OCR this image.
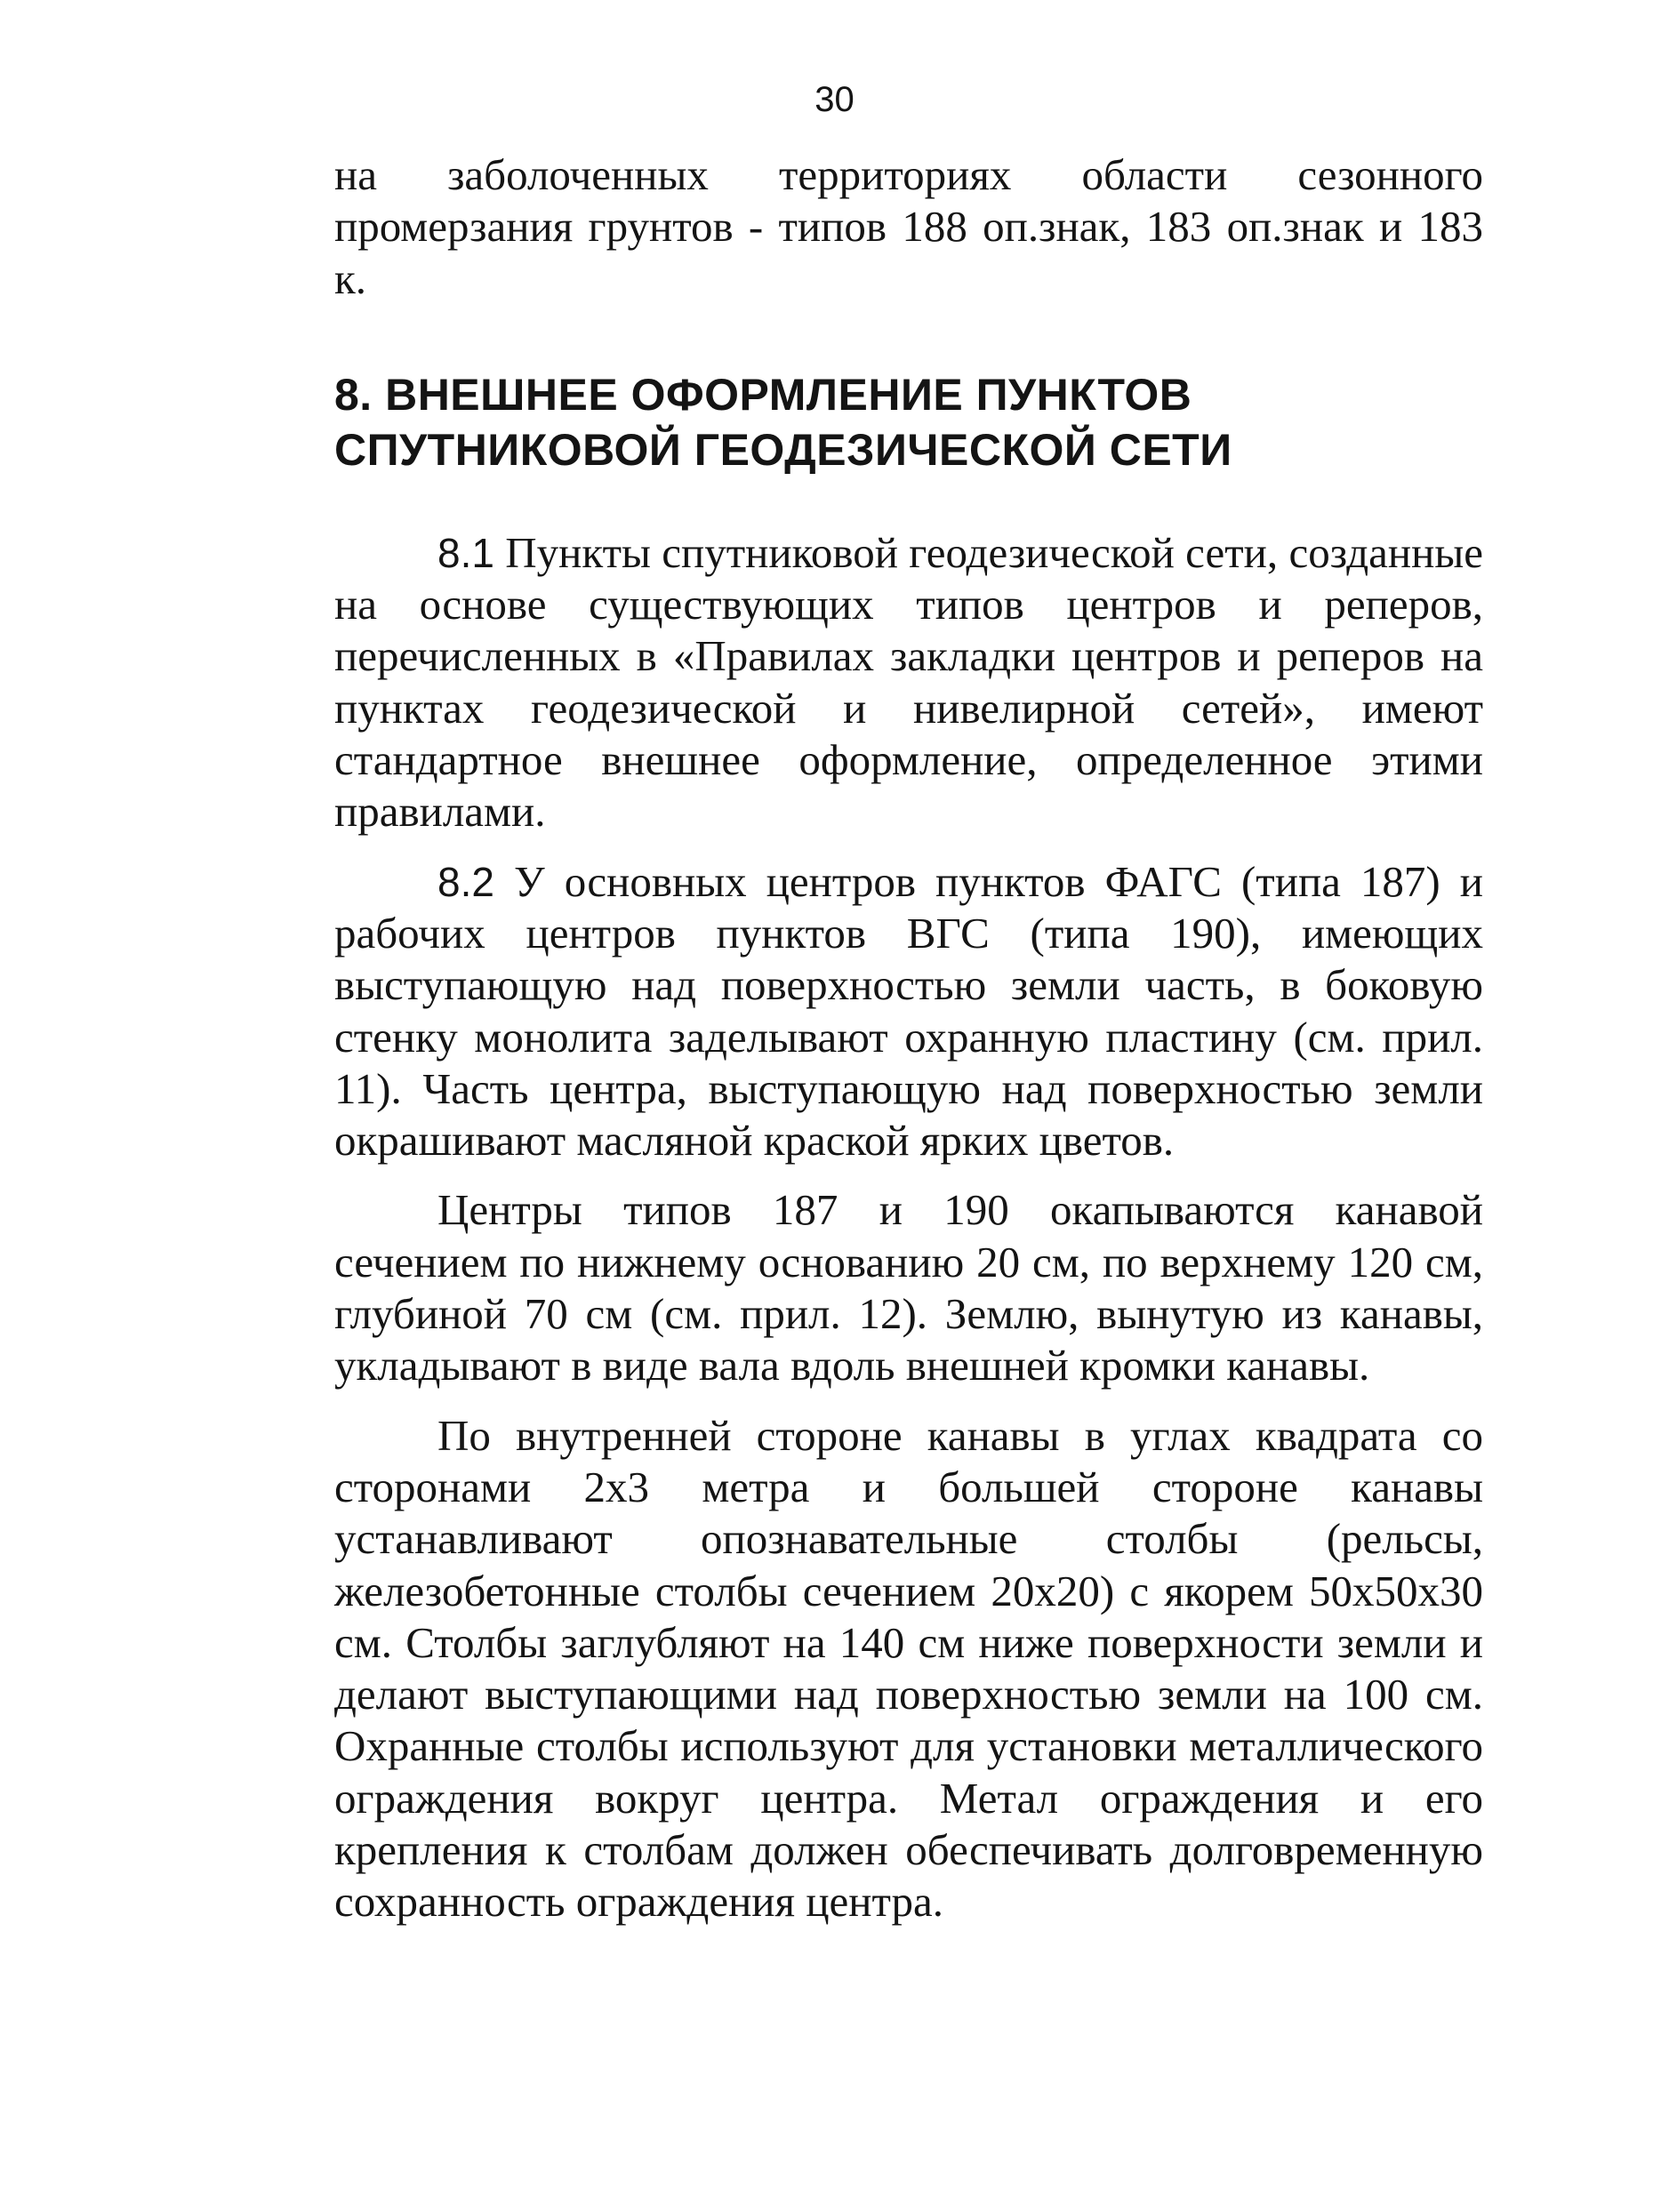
30

на заболоченных территориях области сезонного промерзания грунтов - типов 188 оп.знак, 183 оп.знак и 183 к.

8. ВНЕШНЕЕ ОФОРМЛЕНИЕ ПУНКТОВ
СПУТНИКОВОЙ ГЕОДЕЗИЧЕСКОЙ СЕТИ

8.1 Пункты спутниковой геодезической сети, созданные на основе существующих типов центров и реперов, перечисленных в «Правилах закладки центров и реперов на пунктах геодезической и нивелирной сетей», имеют стандартное внешнее оформление, определенное этими правилами.

8.2 У основных центров пунктов ФАГС (типа 187) и рабочих центров пунктов ВГС (типа 190), имеющих выступающую над поверхностью земли часть, в боковую стенку монолита заделывают охранную пластину (см. прил. 11). Часть центра, выступающую над поверхностью земли окрашивают масляной краской ярких цветов.

Центры типов 187 и 190 окапываются канавой сечением по нижнему основанию 20 см, по верхнему 120 см, глубиной 70 см (см. прил. 12). Землю, вынутую из канавы, укладывают в виде вала вдоль внешней кромки канавы.

По внутренней стороне канавы в углах квадрата со сторонами 2х3 метра и большей стороне канавы устанавливают опознавательные столбы (рельсы, железобетонные столбы сечением 20х20) с якорем 50х50х30 см. Столбы заглубляют на 140 см ниже поверхности земли и делают выступающими над поверхностью земли на 100 см. Охранные столбы используют для установки металлического ограждения вокруг центра. Метал ограждения и его крепления к столбам должен обеспечивать долговременную сохранность ограждения центра.
